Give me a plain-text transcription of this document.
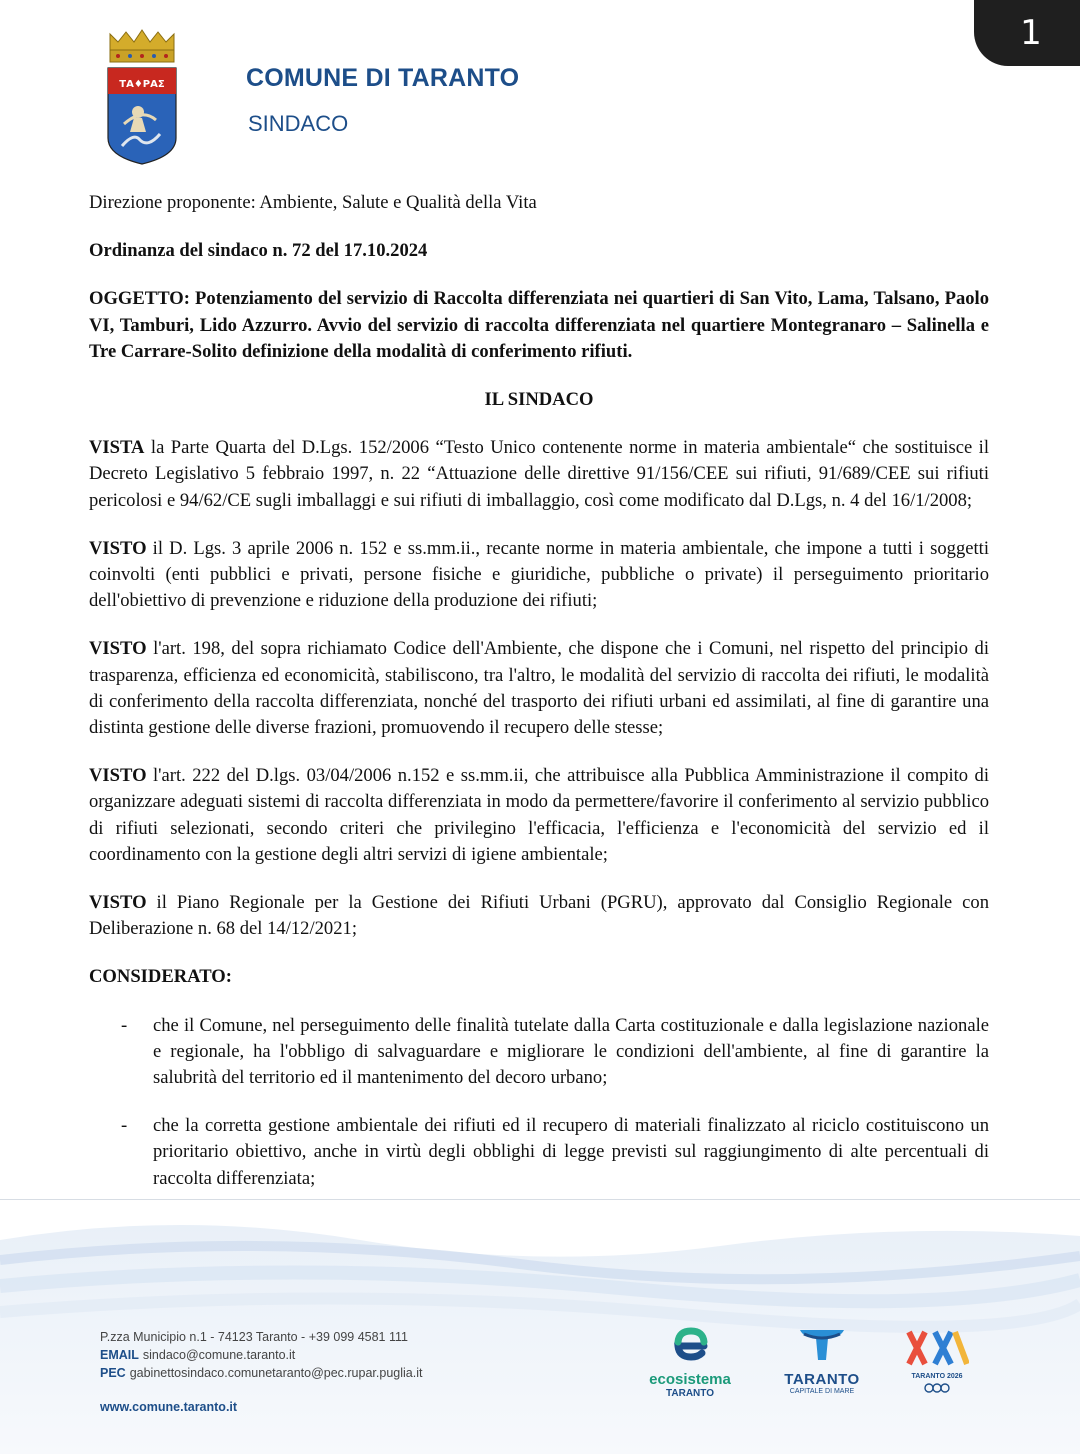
1
ΤΑ♦ΡΑΣ	COMUNE DI TARANTO
SINDACO

Direzione proponente: Ambiente, Salute e Qualità della Vita

Ordinanza del sindaco n. 72 del 17.10.2024

OGGETTO: Potenziamento del servizio di Raccolta differenziata nei quartieri di San Vito, Lama, Talsano, Paolo VI, Tamburi, Lido Azzurro. Avvio del servizio di raccolta differenziata nel quartiere Montegranaro – Salinella e Tre Carrare-Solito definizione della modalità di conferimento rifiuti.

IL SINDACO

VISTA la Parte Quarta del D.Lgs. 152/2006 “Testo Unico contenente norme in materia ambientale“ che sostituisce il Decreto Legislativo 5 febbraio 1997, n. 22 “Attuazione delle direttive 91/156/CEE sui rifiuti, 91/689/CEE sui rifiuti pericolosi e 94/62/CE sugli imballaggi e sui rifiuti di imballaggio, così come modificato dal D.Lgs, n. 4 del 16/1/2008;

VISTO il D. Lgs. 3 aprile 2006 n. 152 e ss.mm.ii., recante norme in materia ambientale, che impone a tutti i soggetti coinvolti (enti pubblici e privati, persone fisiche e giuridiche, pubbliche o private) il perseguimento prioritario dell'obiettivo di prevenzione e riduzione della produzione dei rifiuti;

VISTO l'art. 198, del sopra richiamato Codice dell'Ambiente, che dispone che i Comuni, nel rispetto del principio di trasparenza, efficienza ed economicità, stabiliscono, tra l'altro, le modalità del servizio di raccolta dei rifiuti, le modalità di conferimento della raccolta differenziata, nonché del trasporto dei rifiuti urbani ed assimilati, al fine di garantire una distinta gestione delle diverse frazioni, promuovendo il recupero delle stesse;

VISTO l'art. 222 del D.lgs. 03/04/2006 n.152 e ss.mm.ii, che attribuisce alla Pubblica Amministrazione il compito di organizzare adeguati sistemi di raccolta differenziata in modo da permettere/favorire il conferimento al servizio pubblico di rifiuti selezionati, secondo criteri che privilegino l'efficacia, l'efficienza e l'economicità del servizio ed il coordinamento con la gestione degli altri servizi di igiene ambientale;

VISTO il Piano Regionale per la Gestione dei Rifiuti Urbani (PGRU), approvato dal Consiglio Regionale con Deliberazione n. 68 del 14/12/2021;

CONSIDERATO:

- che il Comune, nel perseguimento delle finalità tutelate dalla Carta costituzionale e dalla legislazione nazionale e regionale, ha l'obbligo di salvaguardare e migliorare le condizioni dell'ambiente, al fine di garantire la salubrità del territorio ed il mantenimento del decoro urbano;
- che la corretta gestione ambientale dei rifiuti ed il recupero di materiali finalizzato al riciclo costituiscono un prioritario obiettivo, anche in virtù degli obblighi di legge previsti sul raggiungimento di alte percentuali di raccolta differenziata;
P.zza Municipio n.1 - 74123 Taranto - +39 099 4581 111
EMAIL sindaco@comune.taranto.it
PEC gabinettosindaco.comunetaranto@pec.rupar.puglia.it
www.comune.taranto.it
ecosistema
TARANTO
TARANTO
CAPITALE DI MARE
TARANTO 2026
